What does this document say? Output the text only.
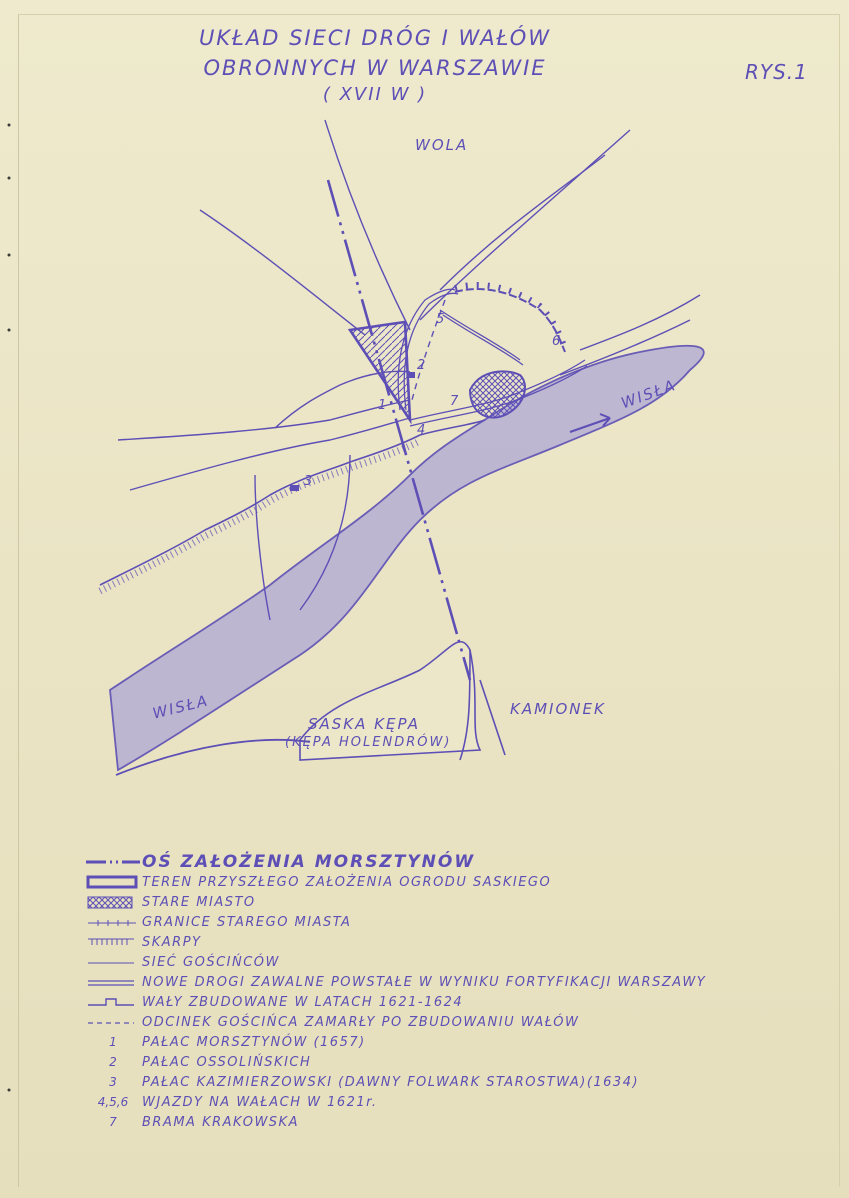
UKŁAD SIECI DRÓG I WAŁÓW
OBRONNYCH W WARSZAWIE
( XVII W )
RYS.1
WOLA
WISŁA
WISŁA
SASKA KĘPA
(KĘPA HOLENDRÓW)
KAMIONEK
1
2
3
4
5
6
7
OŚ ZAŁOŻENIA MORSZTYNÓW
TEREN PRZYSZŁEGO ZAŁOŻENIA OGRODU SASKIEGO
STARE MIASTO
GRANICE STAREGO MIASTA
SKARPY
SIEĆ GOŚCIŃCÓW
NOWE DROGI ZAWALNE POWSTAŁE W WYNIKU FORTYFIKACJI WARSZAWY
WAŁY ZBUDOWANE W LATACH 1621-1624
ODCINEK GOŚCIŃCA ZAMARŁY PO ZBUDOWANIU WAŁÓW
1	PAŁAC MORSZTYNÓW (1657)
2	PAŁAC OSSOLIŃSKICH
3	PAŁAC KAZIMIERZOWSKI (DAWNY FOLWARK STAROSTWA)(1634)
4,5,6	WJAZDY NA WAŁACH W 1621r.
7	BRAMA KRAKOWSKA
